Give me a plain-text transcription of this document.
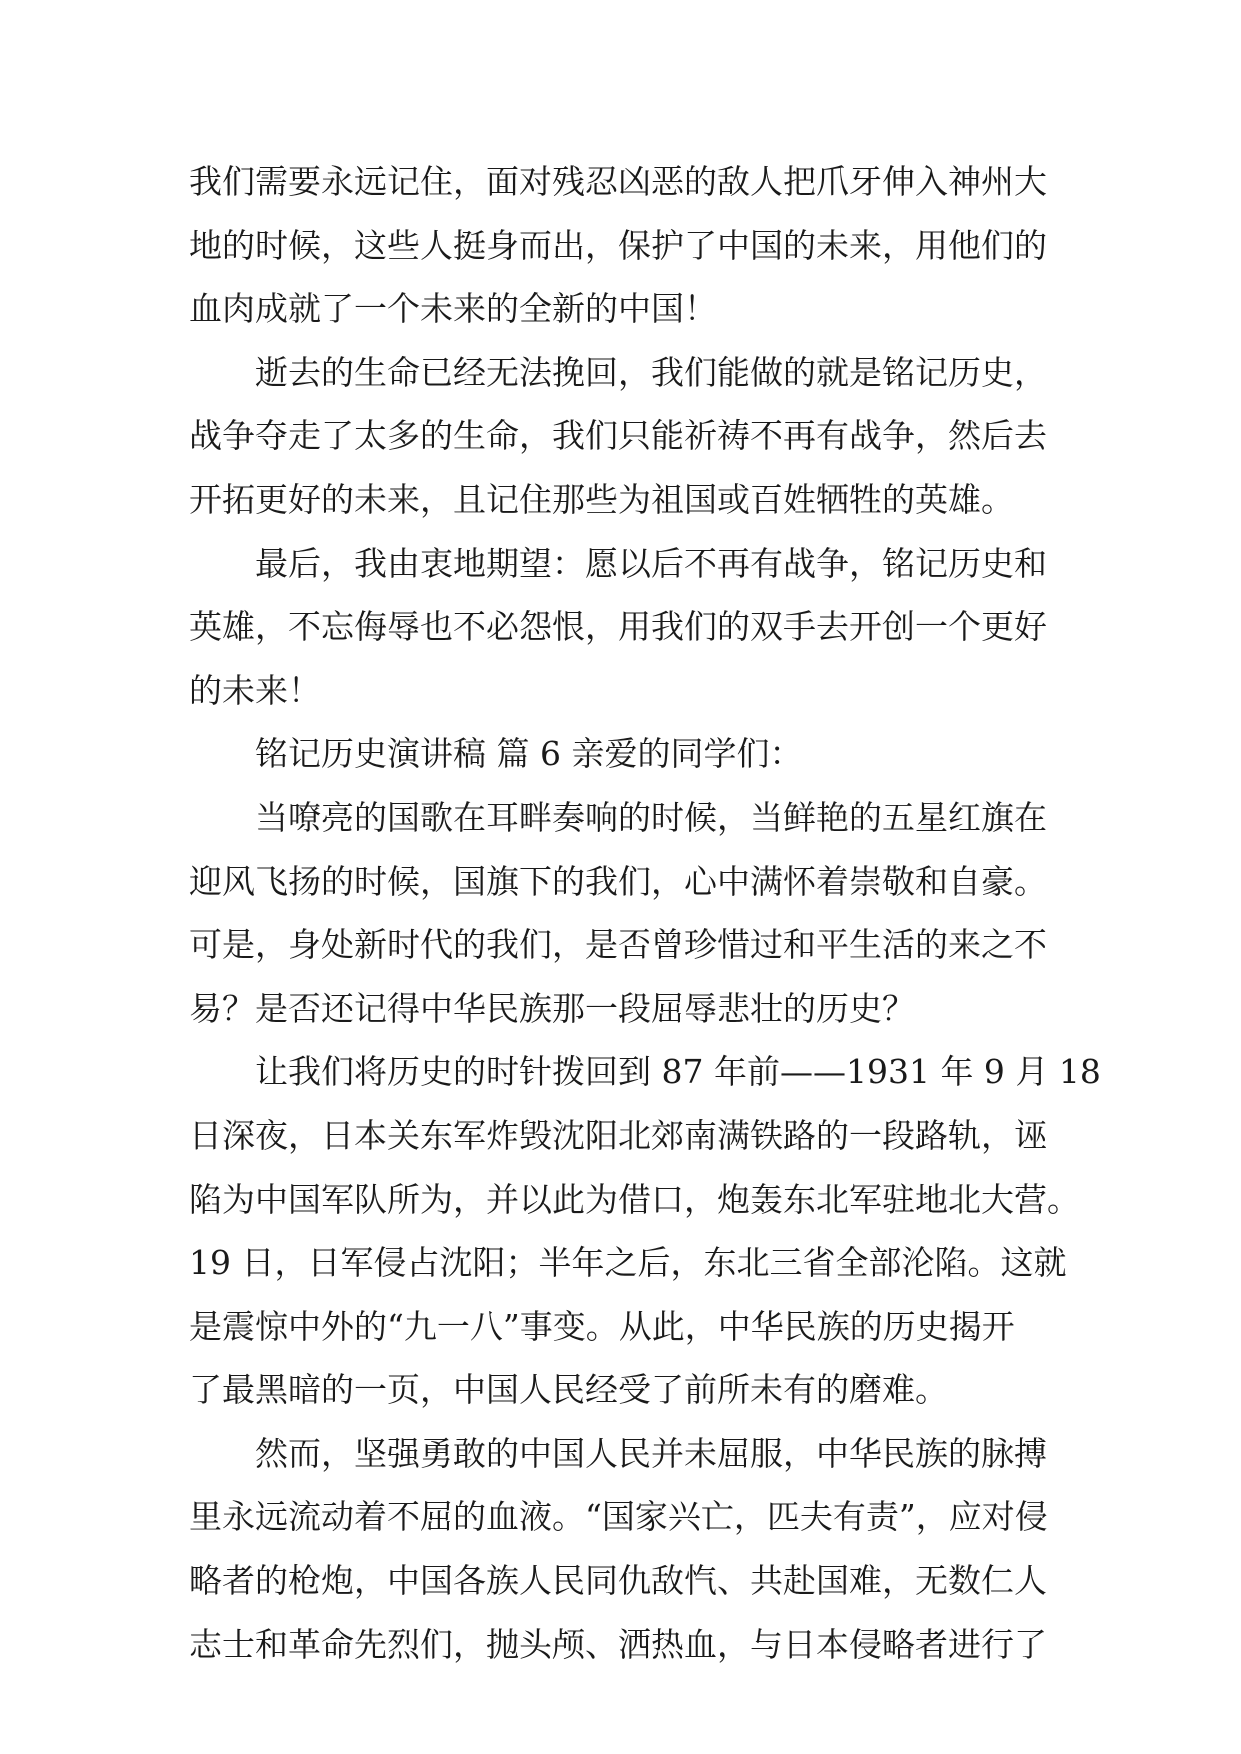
我们需要永远记住，面对残忍凶恶的敌人把爪牙伸入神州大
地的时候，这些人挺身而出，保护了中国的未来，用他们的
血肉成就了一个未来的全新的中国！
逝去的生命已经无法挽回，我们能做的就是铭记历史，
战争夺走了太多的生命，我们只能祈祷不再有战争，然后去
开拓更好的未来，且记住那些为祖国或百姓牺牲的英雄。
最后，我由衷地期望：愿以后不再有战争，铭记历史和
英雄，不忘侮辱也不必怨恨，用我们的双手去开创一个更好
的未来！
铭记历史演讲稿 篇 6 亲爱的同学们：
当嘹亮的国歌在耳畔奏响的时候，当鲜艳的五星红旗在
迎风飞扬的时候，国旗下的我们，心中满怀着崇敬和自豪。
可是，身处新时代的我们，是否曾珍惜过和平生活的来之不
易？是否还记得中华民族那一段屈辱悲壮的历史？
让我们将历史的时针拨回到 87 年前——1931 年 9 月 18
日深夜，日本关东军炸毁沈阳北郊南满铁路的一段路轨，诬
陷为中国军队所为，并以此为借口，炮轰东北军驻地北大营。
19 日，日军侵占沈阳；半年之后，东北三省全部沦陷。这就
是震惊中外的“九一八”事变。从此，中华民族的历史揭开
了最黑暗的一页，中国人民经受了前所未有的磨难。
然而，坚强勇敢的中国人民并未屈服，中华民族的脉搏
里永远流动着不屈的血液。“国家兴亡，匹夫有责”，应对侵
略者的枪炮，中国各族人民同仇敌忾、共赴国难，无数仁人
志士和革命先烈们，抛头颅、洒热血，与日本侵略者进行了
